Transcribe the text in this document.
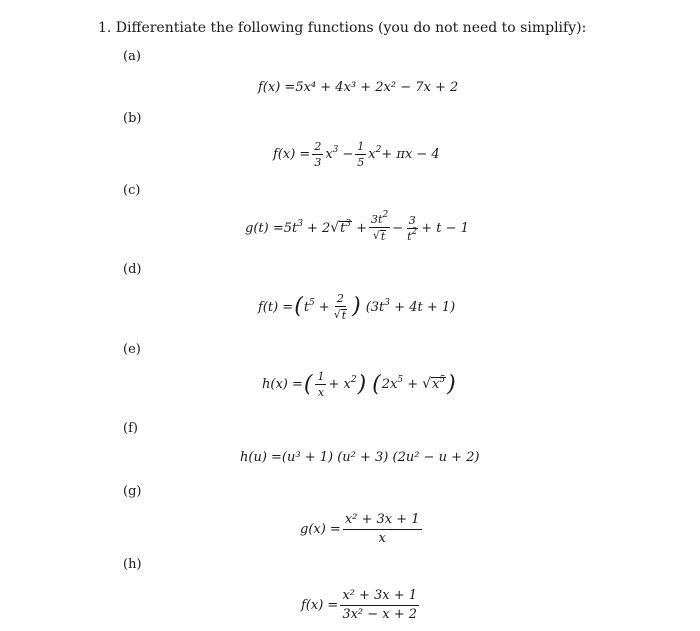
1. Differentiate the following functions (you do not need to simplify):
(a)
(b)
(c)
(d)
(e)
(f)
(g)
(h)
f(x) = 5x⁴ + 4x³ + 2x² − 7x + 2
$f(x) = \frac{2}{3} x^3 - \frac{1}{5} x^2 + \pi x - 4$
$g(t) = 5t^3 + 2$ √ $t^3 + \frac{3t^2}{√ t} - \frac{3}{t^2} + t - 1$
f(t) = ( $t^5 + \frac{2}{√ t}$ ) $(3t^3 + 4t + 1)$
h(x) = ( $\frac{1}{x} + x^2$ ) ( $2x^5$ + √ $x^5$ )
h(u) = (u³ + 1) (u² + 3) (2u² − u + 2)
$g(x) = \frac{\text{x² + 3x + 1}}{x}$
$f(x) = \frac{\text{x² + 3x + 1}}{\text{3x² − x + 2}}$
